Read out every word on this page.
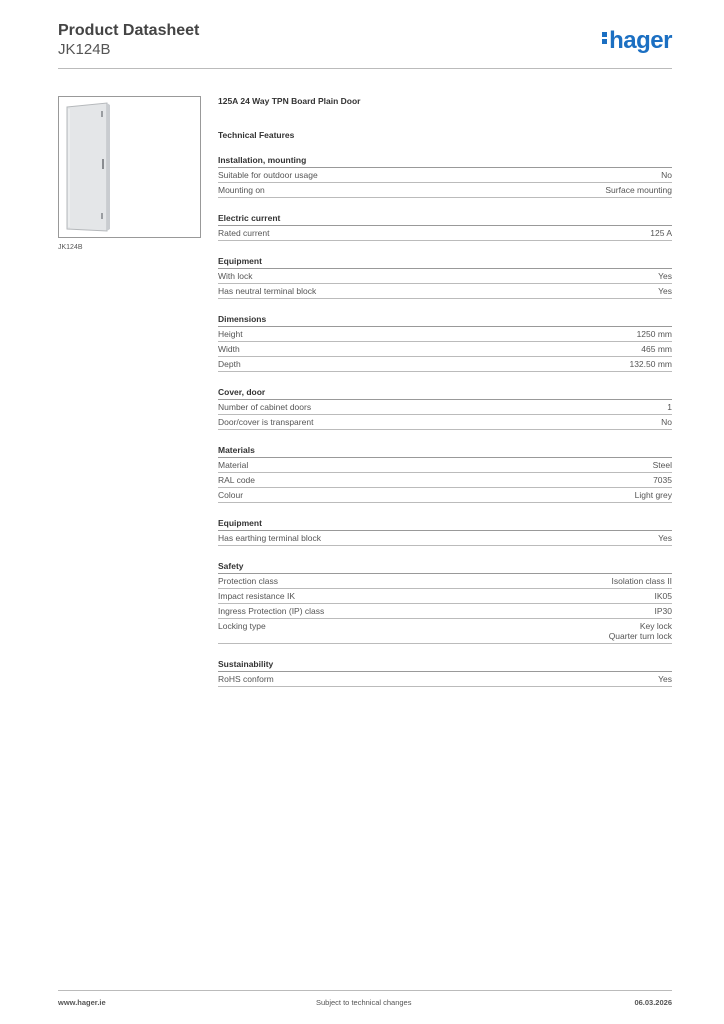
Product Datasheet
JK124B	hager
JK124B
125A 24 Way TPN Board Plain Door
Technical Features
Installation, mounting
Suitable for outdoor usage	No
Mounting on	Surface mounting
Electric current
Rated current	125 A
Equipment
With lock	Yes
Has neutral terminal block	Yes
Dimensions
Height	1250 mm
Width	465 mm
Depth	132.50 mm
Cover, door
Number of cabinet doors	1
Door/cover is transparent	No
Materials
Material	Steel
RAL code	7035
Colour	Light grey
Equipment
Has earthing terminal block	Yes
Safety
Protection class	Isolation class II
Impact resistance IK	IK05
Ingress Protection (IP) class	IP30
Locking type	Key lock
Quarter turn lock
Sustainability
RoHS conform	Yes
www.hager.ie	Subject to technical changes	06.03.2026
